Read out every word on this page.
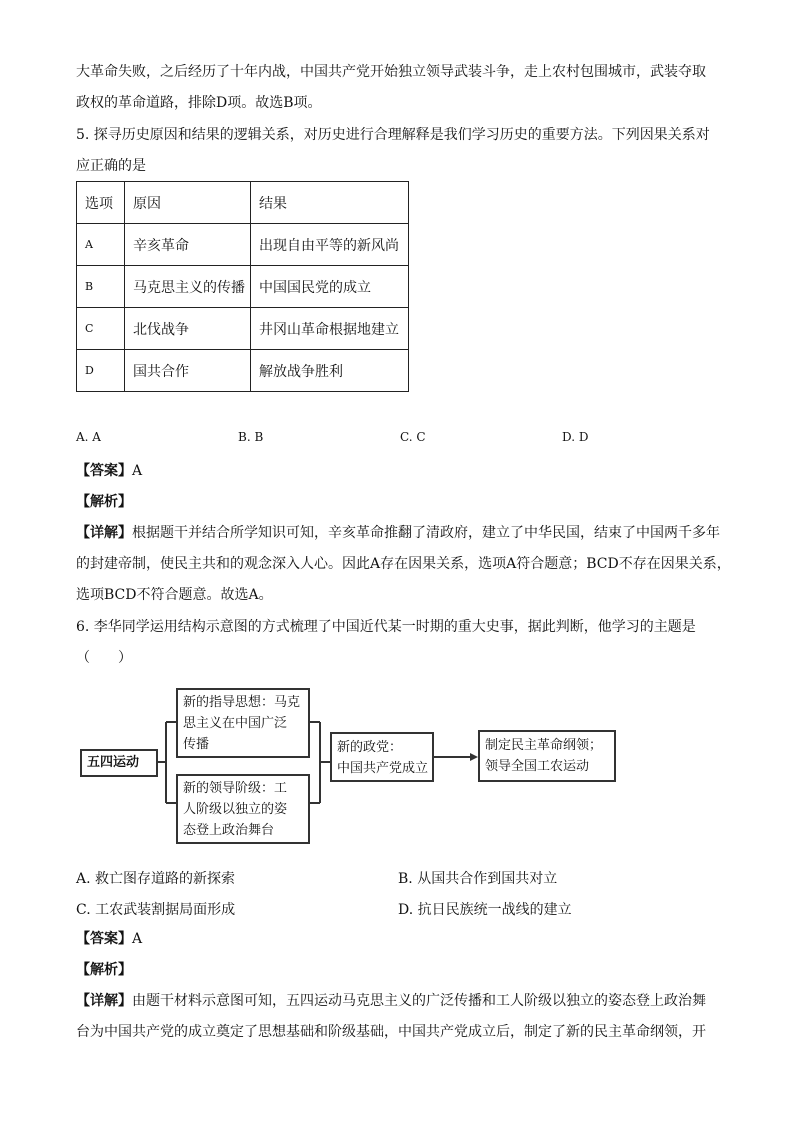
大革命失败，之后经历了十年内战，中国共产党开始独立领导武装斗争，走上农村包围城市，武装夺取
政权的革命道路，排除D项。故选B项。
5. 探寻历史原因和结果的逻辑关系，对历史进行合理解释是我们学习历史的重要方法。下列因果关系对
应正确的是
选项	原因	结果
A	辛亥革命	出现自由平等的新风尚
B	马克思主义的传播	中国国民党的成立
C	北伐战争	井冈山革命根据地建立
D	国共合作	解放战争胜利
A. A	B. B	C. C	D. D
【答案】A
【解析】
【详解】根据题干并结合所学知识可知，辛亥革命推翻了清政府，建立了中华民国，结束了中国两千多年
的封建帝制，使民主共和的观念深入人心。因此A存在因果关系，选项A符合题意；BCD不存在因果关系，
选项BCD不符合题意。故选A。
6. 李华同学运用结构示意图的方式梳理了中国近代某一时期的重大史事，据此判断，他学习的主题是
（　　）
五四运动
新的指导思想：马克
思主义在中国广泛
传播
新的领导阶级：工
人阶级以独立的姿
态登上政治舞台
新的政党：
中国共产党成立
制定民主革命纲领；
领导全国工农运动
A. 救亡图存道路的新探索	B. 从国共合作到国共对立
C. 工农武装割据局面形成	D. 抗日民族统一战线的建立
【答案】A
【解析】
【详解】由题干材料示意图可知，五四运动马克思主义的广泛传播和工人阶级以独立的姿态登上政治舞
台为中国共产党的成立奠定了思想基础和阶级基础，中国共产党成立后，制定了新的民主革命纲领，开
